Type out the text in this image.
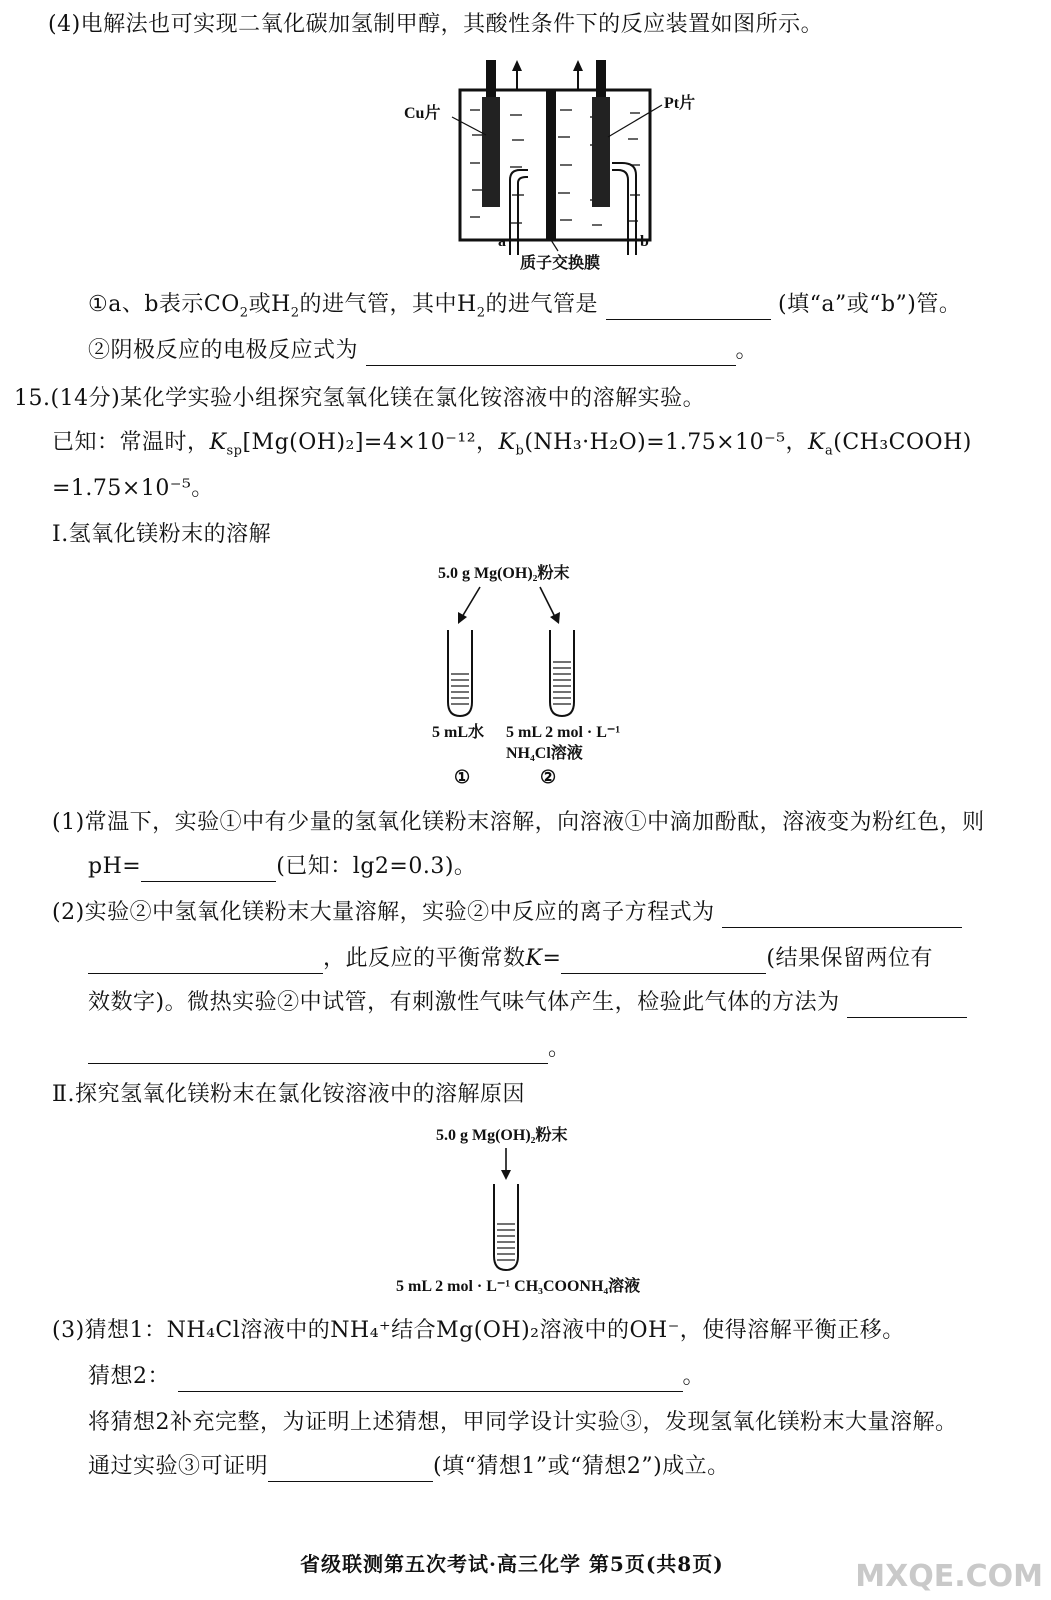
(4)电解法也可实现二氧化碳加氢制甲醇，其酸性条件下的反应装置如图所示。
Cu片
Pt片
a	b
质子交换膜
①a、b表示$CO_2$或$H_2$的进气管，其中$H_2$的进气管是	(填“a”或“b”)管。
②阴极反应的电极反应式为	。
15.(14分)某化学实验小组探究氢氧化镁在氯化铵溶液中的溶解实验。
已知：常温时，$K_{sp}[Mg(OH)_2]=4\times 10^{-12}$，$K_b(NH_3\cdot H_2O)=1.75\times 10^{-5}$，$K_a(CH_3COOH)$
=1.75×10⁻⁵。
Ⅰ.氢氧化镁粉末的溶解
5.0 g Mg(OH)₂粉末
5 mL水 5 mL 2 mol · L⁻¹
NH₄Cl溶液
①	②
(1)常温下，实验①中有少量的氢氧化镁粉末溶解，向溶液①中滴加酚酞，溶液变为粉红色，则
pH=	(已知：lg2=0.3)。
(2)实验②中氢氧化镁粉末大量溶解，实验②中反应的离子方程式为
，此反应的平衡常数K=	(结果保留两位有
效数字)。微热实验②中试管，有刺激性气味气体产生，检验此气体的方法为
。
Ⅱ.探究氢氧化镁粉末在氯化铵溶液中的溶解原因
5.0 g Mg(OH)₂粉末
5 mL 2 mol · L⁻¹ CH₃COONH₄溶液
(3)猜想1：NH₄Cl溶液中的NH₄⁺结合Mg(OH)₂溶液中的OH⁻，使得溶解平衡正移。
猜想2：	。
将猜想2补充完整，为证明上述猜想，甲同学设计实验③，发现氢氧化镁粉末大量溶解。
通过实验③可证明	(填“猜想1”或“猜想2”)成立。
省级联测第五次考试·高三化学 第5页(共8页)	MXQE.COM
